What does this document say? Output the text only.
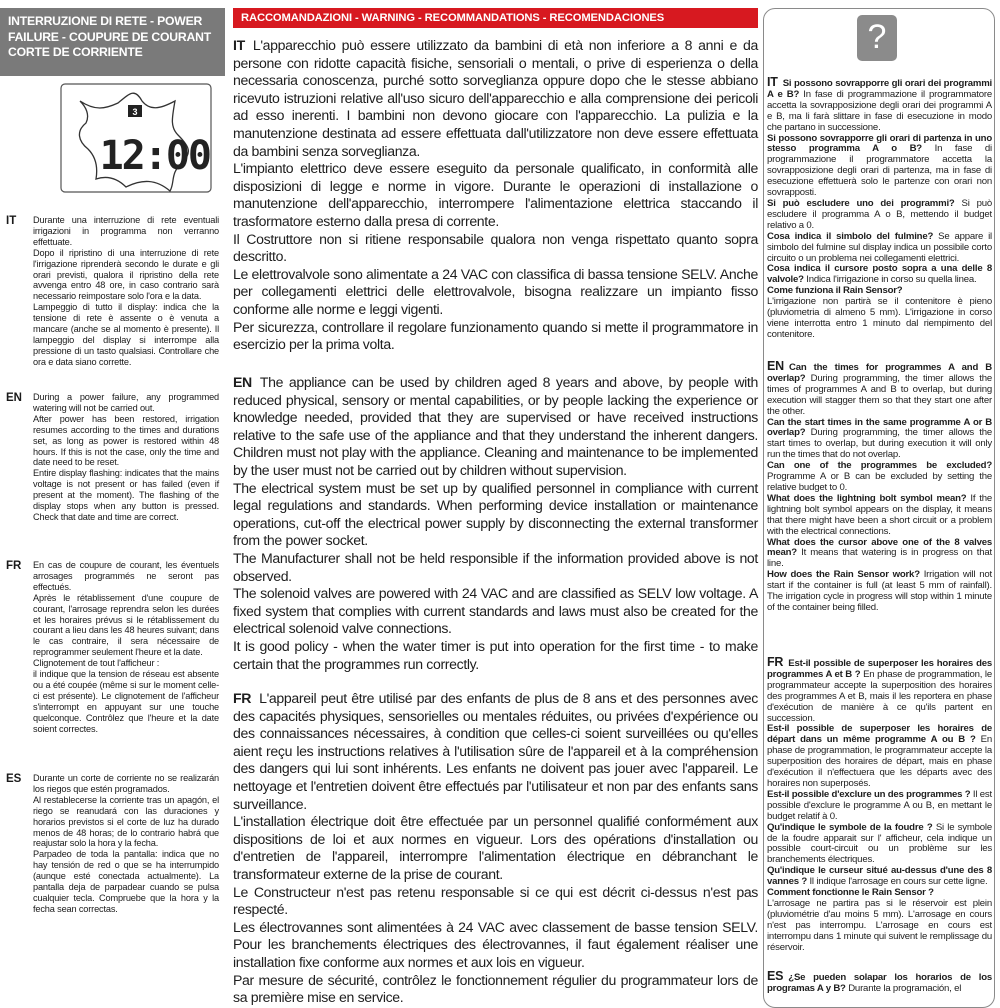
INTERRUZIONE DI RETE - POWER FAILURE - COUPURE DE COURANT CORTE DE CORRIENTE
3
12:00
IT Durante una interruzione di rete eventuali irrigazioni in programma non verranno effettuate.
Dopo il ripristino di una interruzione di rete l'irrigazione riprenderà secondo le durate e gli orari previsti, qualora il ripristino della rete avvenga entro 48 ore, in caso contrario sarà necessario reimpostare solo l'ora e la data.
Lampeggio di tutto il display: indica che la tensione di rete è assente o è venuta a mancare (anche se al momento è presente). Il lampeggio del display si interrompe alla pressione di un tasto qualsiasi. Controllare che ora e data siano corrette.
EN During a power failure, any programmed watering will not be carried out.
After power has been restored, irrigation resumes according to the times and durations set, as long as power is restored within 48 hours. If this is not the case, only the time and date need to be reset.
Entire display flashing: indicates that the mains voltage is not present or has failed (even if present at the moment). The flashing of the display stops when any button is pressed. Check that date and time are correct.
FR En cas de coupure de courant, les éventuels arrosages programmés ne seront pas effectués.
Après le rétablissement d'une coupure de courant, l'arrosage reprendra selon les durées et les horaires prévus si le rétablissement du courant a lieu dans les 48 heures suivant; dans le cas contraire, il sera nécessaire de reprogrammer seulement l'heure et la date.
Clignotement de tout l'afficheur :
il indique que la tension de réseau est absente ou a été coupée (même si sur le moment celle-ci est présente). Le clignotement de l'afficheur s'interrompt en appuyant sur une touche quelconque. Contrôlez que l'heure et la date soient correctes.
ES Durante un corte de corriente no se realizarán los riegos que estén programados.
Al restablecerse la corriente tras un apagón, el riego se reanudará con las duraciones y horarios previstos si el corte de luz ha durado menos de 48 horas; de lo contrario habrá que reajustar solo la hora y la fecha.
Parpadeo de toda la pantalla: indica que no hay tensión de red o que se ha interrumpido (aunque esté conectada actualmente). La pantalla deja de parpadear cuando se pulsa cualquier tecla. Compruebe que la hora y la fecha sean correctas.
RACCOMANDAZIONI - WARNING - RECOMMANDATIONS - RECOMENDACIONES

IT L'apparecchio può essere utilizzato da bambini di età non inferiore a 8 anni e da persone con ridotte capacità fisiche, sensoriali o mentali, o prive di esperienza o della necessaria conoscenza, purché sotto sorveglianza oppure dopo che le stesse abbiano ricevuto istruzioni relative all'uso sicuro dell'apparecchio e alla comprensione dei pericoli ad esso inerenti. I bambini non devono giocare con l'apparecchio. La pulizia e la manutenzione destinata ad essere effettuata dall'utilizzatore non deve essere effettuata da bambini senza sorveglianza.

L'impianto elettrico deve essere eseguito da personale qualificato, in conformità alle disposizioni di legge e norme in vigore. Durante le operazioni di installazione o manutenzione dell'apparecchio, interrompere l'alimentazione elettrica staccando il trasformatore esterno dalla presa di corrente.

Il Costruttore non si ritiene responsabile qualora non venga rispettato quanto sopra descritto.

Le elettrovalvole sono alimentate a 24 VAC con classifica di bassa tensione SELV. Anche per collegamenti elettrici delle elettrovalvole, bisogna realizzare un impianto fisso conforme alle norme e leggi vigenti.

Per sicurezza, controllare il regolare funzionamento quando si mette il programmatore in esercizio per la prima volta.

EN The appliance can be used by children aged 8 years and above, by people with reduced physical, sensory or mental capabilities, or by people lacking the experience or knowledge needed, provided that they are supervised or have received instructions relative to the safe use of the appliance and that they understand the inherent dangers. Children must not play with the appliance. Cleaning and maintenance to be implemented by the user must not be carried out by children without supervision.

The electrical system must be set up by qualified personnel in compliance with current legal regulations and standards. When performing device installation or maintenance operations, cut-off the electrical power supply by disconnecting the external transformer from the power socket.

The Manufacturer shall not be held responsible if the information provided above is not observed.

The solenoid valves are powered with 24 VAC and are classified as SELV low voltage. A fixed system that complies with current standards and laws must also be created for the electrical solenoid valve connections.

It is good policy - when the water timer is put into operation for the first time - to make certain that the programmes run correctly.

FR L'appareil peut être utilisé par des enfants de plus de 8 ans et des personnes avec des capacités physiques, sensorielles ou mentales réduites, ou privées d'expérience ou des connaissances nécessaires, à condition que celles-ci soient surveillées ou qu'elles aient reçu les instructions relatives à l'utilisation sûre de l'appareil et à la compréhension des dangers qui lui sont inhérents. Les enfants ne doivent pas jouer avec l'appareil. Le nettoyage et l'entretien doivent être effectués par l'utilisateur et non par des enfants sans surveillance.

L'installation électrique doit être effectuée par un personnel qualifié conformément aux dispositions de loi et aux normes en vigueur. Lors des opérations d'installation ou d'entretien de l'appareil, interrompre l'alimentation électrique en débranchant le transformateur externe de la prise de courant.

Le Constructeur n'est pas retenu responsable si ce qui est décrit ci-dessus n'est pas respecté.

Les électrovannes sont alimentées à 24 VAC avec classement de basse tension SELV. Pour les branchements électriques des électrovannes, il faut également réaliser une installation fixe conforme aux normes et aux lois en vigueur.

Par mesure de sécurité, contrôlez le fonctionnement régulier du programmateur lors de sa première mise en service.

?

IT Si possono sovrapporre gli orari dei programmi A e B? In fase di programmazione il programmatore accetta la sovrapposizione degli orari dei programmi A e B, ma li farà slittare in fase di esecuzione in modo che partano in successione.
Si possono sovrapporre gli orari di partenza in uno stesso programma A o B? In fase di programmazione il programmatore accetta la sovrapposizione degli orari di partenza, ma in fase di esecuzione effettuerà solo le partenze con orari non sovrapposti.
Si può escludere uno dei programmi? Si può escludere il programma A o B, mettendo il budget relativo a 0.
Cosa indica il simbolo del fulmine? Se appare il simbolo del fulmine sul display indica un possibile corto circuito o un problema nei collegamenti elettrici.
Cosa indica il cursore posto sopra a una delle 8 valvole? Indica l'irrigazione in corso su quella linea.
Come funziona il Rain Sensor?
L'irrigazione non partirà se il contenitore è pieno (pluviometria di almeno 5 mm). L'irrigazione in corso viene interrotta entro 1 minuto dal riempimento del contenitore.

EN Can the times for programmes A and B overlap? During programming, the timer allows the times of programmes A and B to overlap, but during execution will stagger them so that they start one after the other.
Can the start times in the same programme A or B overlap? During programming, the timer allows the start times to overlap, but during execution it will only run the times that do not overlap.
Can one of the programmes be excluded? Programme A or B can be excluded by setting the relative budget to 0.
What does the lightning bolt symbol mean? If the lightning bolt symbol appears on the display, it means that there might have been a short circuit or a problem with the electrical connections.
What does the cursor above one of the 8 valves mean? It means that watering is in progress on that line.
How does the Rain Sensor work? Irrigation will not start if the container is full (at least 5 mm of rainfall). The irrigation cycle in progress will stop within 1 minute of the container being filled.

FR Est-il possible de superposer les horaires des programmes A et B ? En phase de programmation, le programmateur accepte la superposition des horaires des programmes A et B, mais il les reportera en phase d'exécution de manière à ce qu'ils partent en succession.
Est-il possible de superposer les horaires de départ dans un même programme A ou B ? En phase de programmation, le programmateur accepte la superposition des horaires de départ, mais en phase d'exécution il n'effectuera que les départs avec des horaires non superposés.
Est-il possible d'exclure un des programmes ? Il est possible d'exclure le programme A ou B, en mettant le budget relatif à 0.
Qu'indique le symbole de la foudre ? Si le symbole de la foudre apparait sur l' afficheur, cela indique un possible court-circuit ou un problème sur les branchements électriques.
Qu'indique le curseur situé au-dessus d'une des 8 vannes ? Il indique l'arrosage en cours sur cette ligne.
Comment fonctionne le Rain Sensor ?
L'arrosage ne partira pas si le réservoir est plein (pluviométrie d'au moins 5 mm). L'arrosage en cours n'est pas interrompu. L'arrosage en cours est interrompu dans 1 minute qui suivent le remplissage du réservoir.

ES ¿Se pueden solapar los horarios de los programas A y B? Durante la programación, el
